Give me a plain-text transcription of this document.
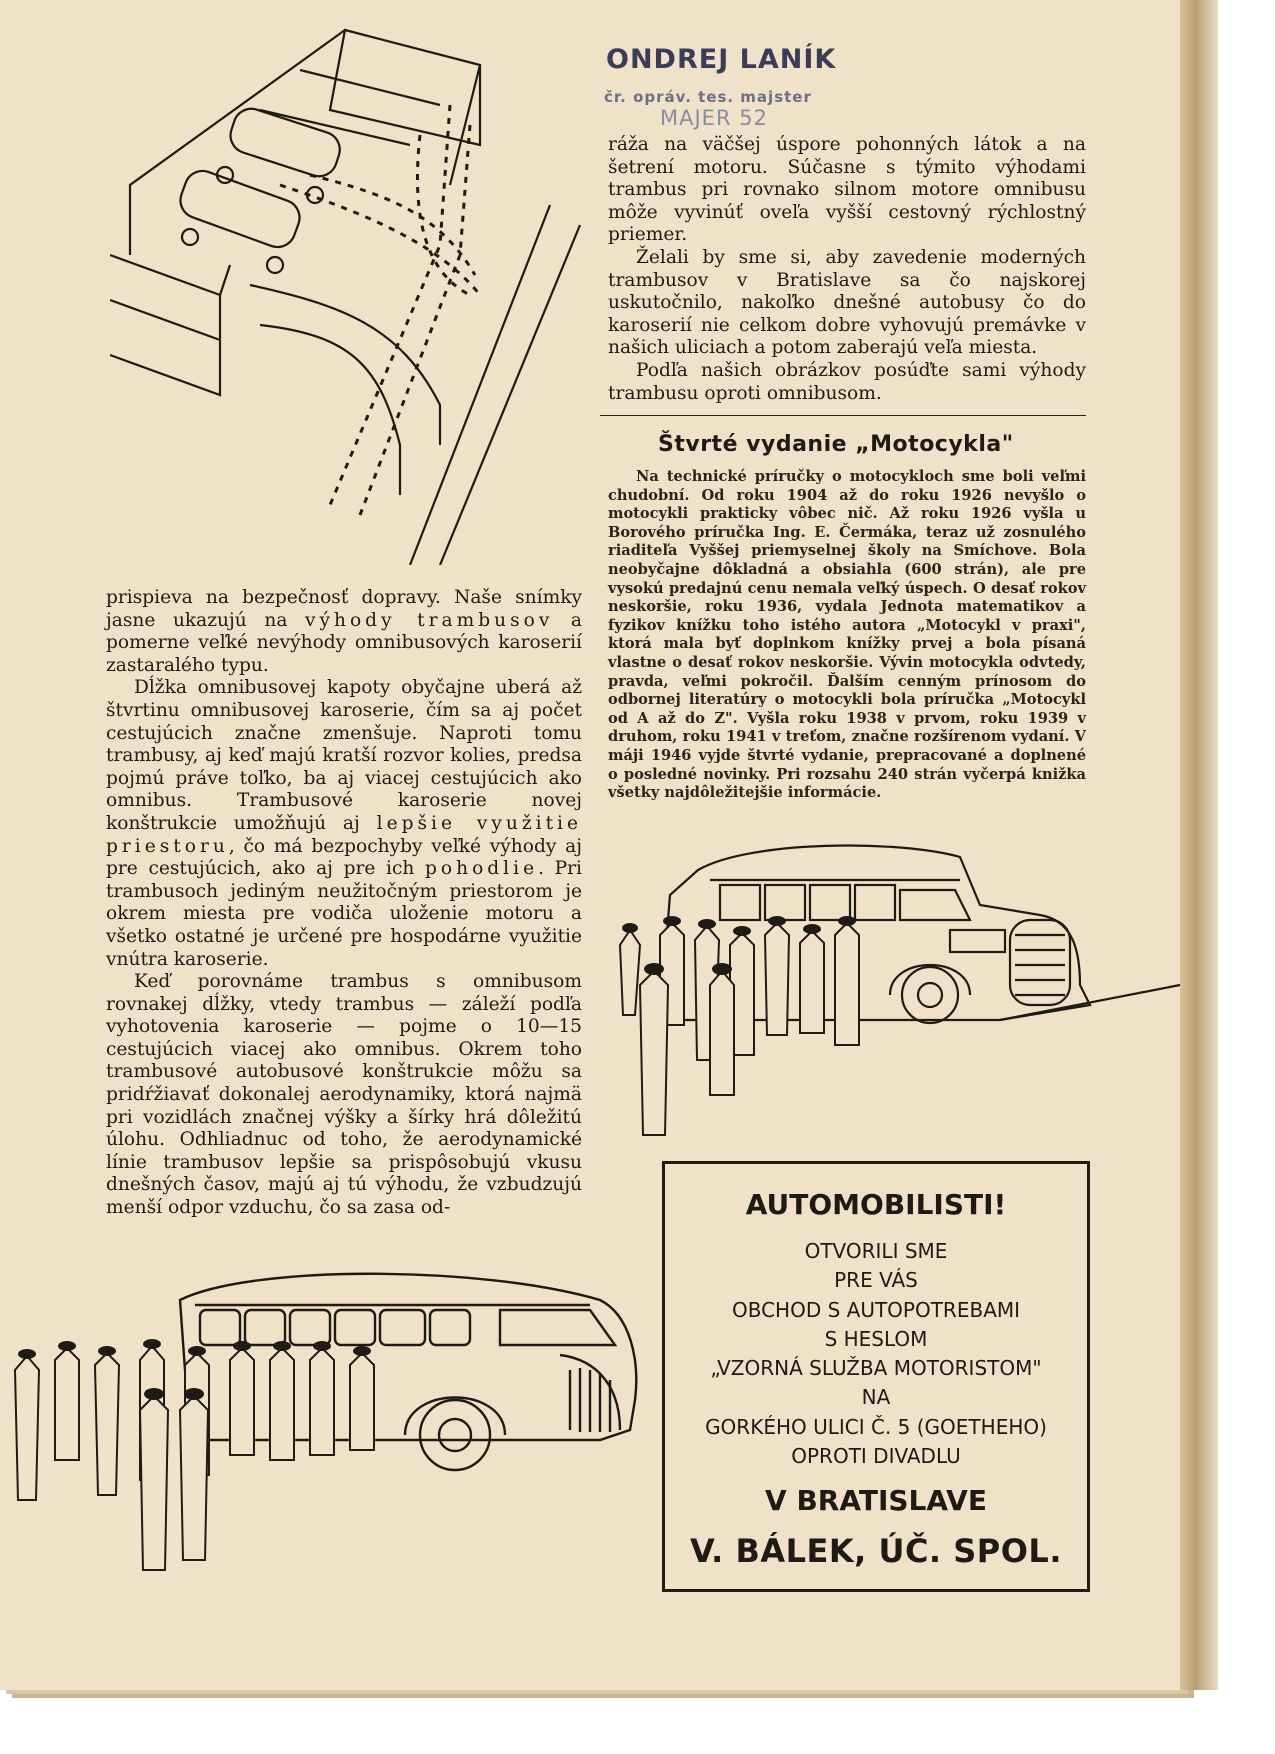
ONDREJ LANÍK
čr. opráv. tes. majster
MAJER 52

ráža na väčšej úspore pohonných látok a na šetrení motoru. Súčasne s týmito výhodami trambus pri rovnako silnom motore omnibusu môže vyvinúť oveľa vyšší cestovný rýchlostný priemer.

Želali by sme si, aby zavedenie moderných trambusov v Bratislave sa čo najskorej uskutočnilo, nakoľko dnešné autobusy čo do karoserií nie celkom dobre vyhovujú premávke v našich uliciach a potom zaberajú veľa miesta.

Podľa našich obrázkov posúďte sami výhody trambusu oproti omnibusom.

Štvrté vydanie „Motocykla"

Na technické príručky o motocykloch sme boli veľmi chudobní. Od roku 1904 až do roku 1926 nevyšlo o motocykli prakticky vôbec nič. Až roku 1926 vyšla u Borového príručka Ing. E. Čermáka, teraz už zosnulého riaditeľa Vyššej priemyselnej školy na Smíchove. Bola neobyčajne dôkladná a obsiahla (600 strán), ale pre vysokú predajnú cenu nemala veľký úspech. O desať rokov neskoršie, roku 1936, vydala Jednota matematikov a fyzikov knížku toho istého autora „Motocykl v praxi", ktorá mala byť doplnkom knížky prvej a bola písaná vlastne o desať rokov neskoršie. Vývin motocykla odvtedy, pravda, veľmi pokročil. Ďalším cenným prínosom do odbornej literatúry o motocykli bola príručka „Motocykl od A až do Z". Vyšla roku 1938 v prvom, roku 1939 v druhom, roku 1941 v treťom, značne rozšírenom vydaní. V máji 1946 vyjde štvrté vydanie, prepracované a doplnené o posledné novinky. Pri rozsahu 240 strán vyčerpá knižka všetky najdôležitejšie informácie.

prispieva na bezpečnosť dopravy. Naše snímky jasne ukazujú na výhody trambusov a pomerne veľké nevýhody omnibusových karoserií zastaralého typu.

Dĺžka omnibusovej kapoty obyčajne uberá až štvrtinu omnibusovej karoserie, čím sa aj počet cestujúcich značne zmenšuje. Naproti tomu trambusy, aj keď majú kratší rozvor kolies, predsa pojmú práve toľko, ba aj viacej cestujúcich ako omnibus. Trambusové karoserie novej konštrukcie umožňujú aj lepšie využitie priestoru, čo má bezpochyby veľké výhody aj pre cestujúcich, ako aj pre ich pohodlie. Pri trambusoch jediným neužitočným priestorom je okrem miesta pre vodiča uloženie motoru a všetko ostatné je určené pre hospodárne využitie vnútra karoserie.

Keď porovnáme trambus s omnibusom rovnakej dĺžky, vtedy trambus — záleží podľa vyhotovenia karoserie — pojme o 10—15 cestujúcich viacej ako omnibus. Okrem toho trambusové autobusové konštrukcie môžu sa pridŕžiavať dokonalej aerodynamiky, ktorá najmä pri vozidlách značnej výšky a šírky hrá dôležitú úlohu. Odhliadnuc od toho, že aerodynamické línie trambusov lepšie sa prispôsobujú vkusu dnešných časov, majú aj tú výhodu, že vzbudzujú menší odpor vzduchu, čo sa zasa od-	AUTOMOBILISTI!
OTVORILI SME
PRE VÁS
OBCHOD S AUTOPOTREBAMI
S HESLOM
„VZORNÁ SLUŽBA MOTORISTOM"
NA
GORKÉHO ULICI Č. 5 (GOETHEHO)
OPROTI DIVADLU
V BRATISLAVE
V. BÁLEK, ÚČ. SPOL.
